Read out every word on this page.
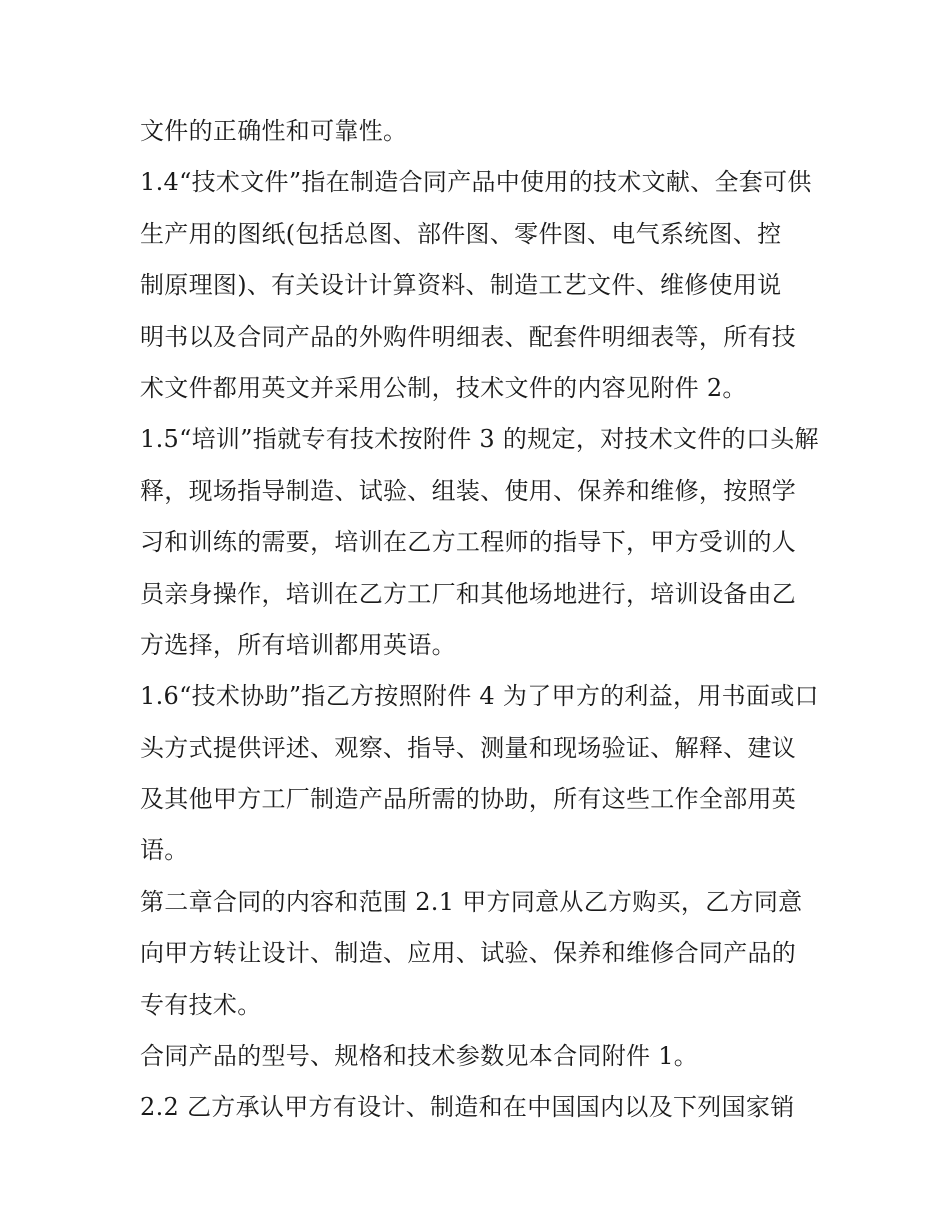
文件的正确性和可靠性。
1.4“技术文件”指在制造合同产品中使用的技术文献、全套可供
生产用的图纸(包括总图、部件图、零件图、电气系统图、控
制原理图)、有关设计计算资料、制造工艺文件、维修使用说
明书以及合同产品的外购件明细表、配套件明细表等，所有技
术文件都用英文并采用公制，技术文件的内容见附件 2。
1.5“培训”指就专有技术按附件 3 的规定，对技术文件的口头解
释，现场指导制造、试验、组装、使用、保养和维修，按照学
习和训练的需要，培训在乙方工程师的指导下，甲方受训的人
员亲身操作，培训在乙方工厂和其他场地进行，培训设备由乙
方选择，所有培训都用英语。
1.6“技术协助”指乙方按照附件 4 为了甲方的利益，用书面或口
头方式提供评述、观察、指导、测量和现场验证、解释、建议
及其他甲方工厂制造产品所需的协助，所有这些工作全部用英
语。
第二章合同的内容和范围 2.1 甲方同意从乙方购买，乙方同意
向甲方转让设计、制造、应用、试验、保养和维修合同产品的
专有技术。
合同产品的型号、规格和技术参数见本合同附件 1。
2.2 乙方承认甲方有设计、制造和在中国国内以及下列国家销
